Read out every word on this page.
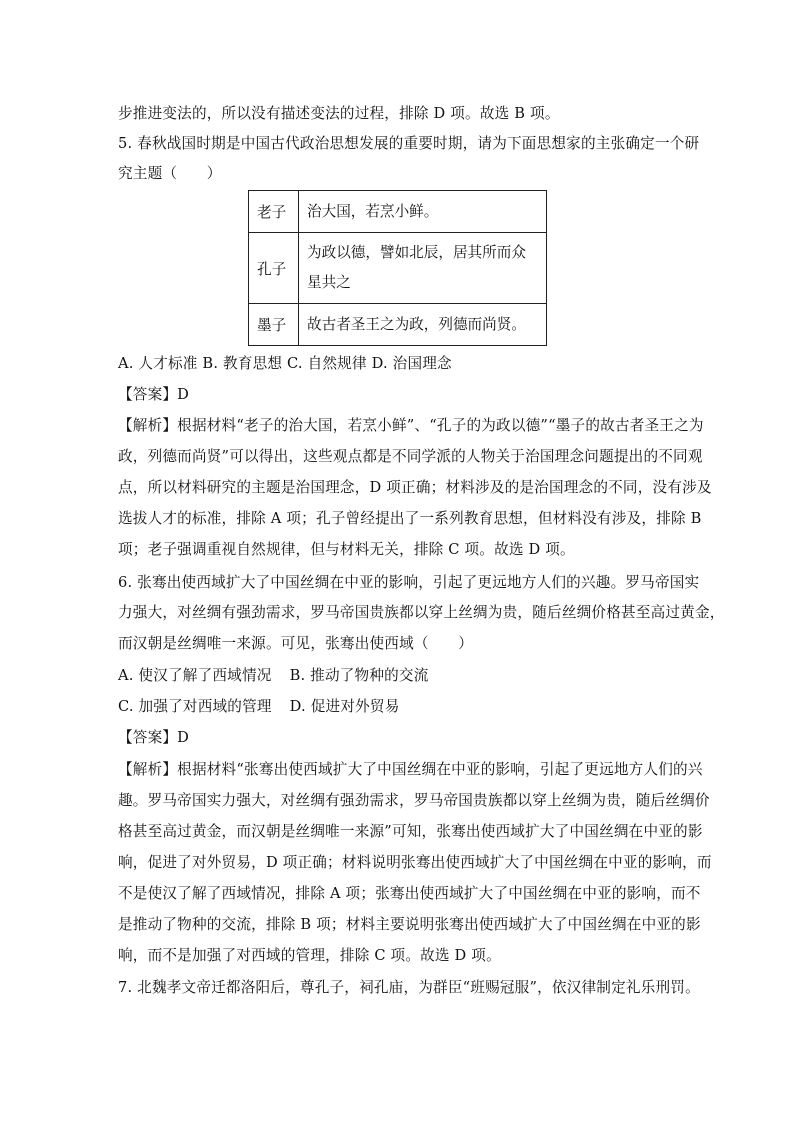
步推进变法的，所以没有描述变法的过程，排除 D 项。故选 B 项。
5. 春秋战国时期是中国古代政治思想发展的重要时期，请为下面思想家的主张确定一个研
究主题（　　）
老子	治大国，若烹小鲜。
孔子	为政以德，譬如北辰，居其所而众星共之
墨子	故古者圣王之为政，列德而尚贤。
A. 人才标准 B. 教育思想 C. 自然规律 D. 治国理念
【答案】D
【解析】根据材料“老子的治大国，若烹小鲜”、“孔子的为政以德”“墨子的故古者圣王之为
政，列德而尚贤”可以得出，这些观点都是不同学派的人物关于治国理念问题提出的不同观
点，所以材料研究的主题是治国理念，D 项正确；材料涉及的是治国理念的不同，没有涉及
选拔人才的标准，排除 A 项；孔子曾经提出了一系列教育思想，但材料没有涉及，排除 B
项；老子强调重视自然规律，但与材料无关，排除 C 项。故选 D 项。
6. 张骞出使西域扩大了中国丝绸在中亚的影响，引起了更远地方人们的兴趣。罗马帝国实
力强大，对丝绸有强劲需求，罗马帝国贵族都以穿上丝绸为贵，随后丝绸价格甚至高过黄金，
而汉朝是丝绸唯一来源。可见，张骞出使西域（　　）
A. 使汉了解了西域情况 B. 推动了物种的交流
C. 加强了对西域的管理 D. 促进对外贸易
【答案】D
【解析】根据材料“张骞出使西域扩大了中国丝绸在中亚的影响，引起了更远地方人们的兴
趣。罗马帝国实力强大，对丝绸有强劲需求，罗马帝国贵族都以穿上丝绸为贵，随后丝绸价
格甚至高过黄金，而汉朝是丝绸唯一来源”可知，张骞出使西域扩大了中国丝绸在中亚的影
响，促进了对外贸易，D 项正确；材料说明张骞出使西域扩大了中国丝绸在中亚的影响，而
不是使汉了解了西域情况，排除 A 项；张骞出使西域扩大了中国丝绸在中亚的影响，而不
是推动了物种的交流，排除 B 项；材料主要说明张骞出使西域扩大了中国丝绸在中亚的影
响，而不是加强了对西域的管理，排除 C 项。故选 D 项。
7. 北魏孝文帝迁都洛阳后，尊孔子，祠孔庙，为群臣“班赐冠服”，依汉律制定礼乐刑罚。
